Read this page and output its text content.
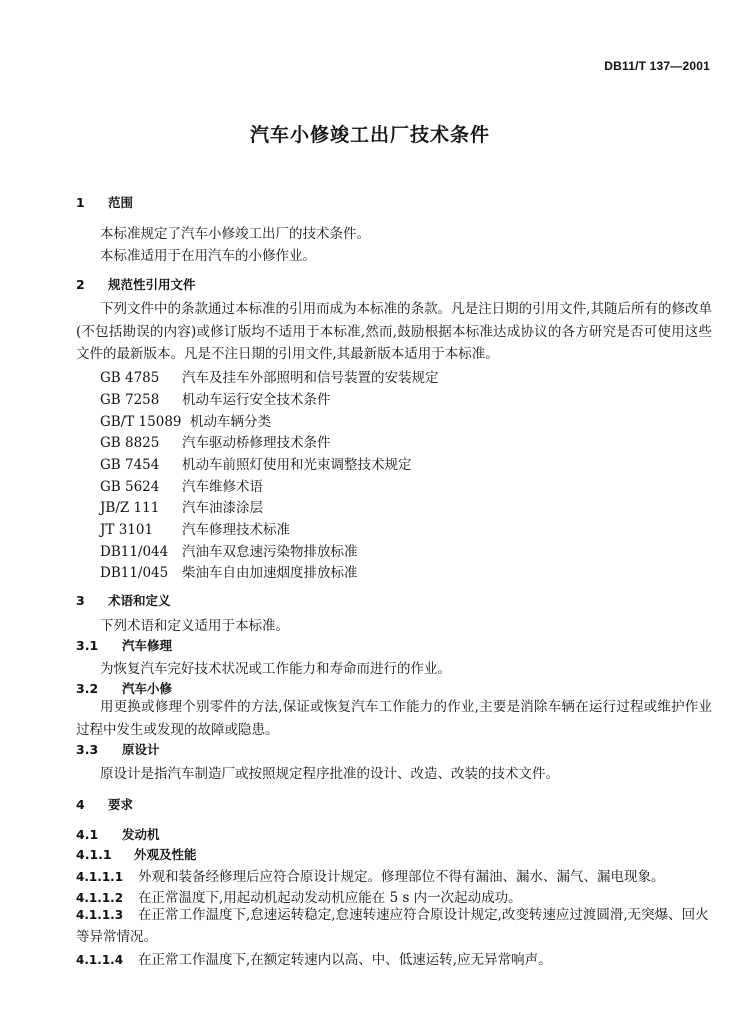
DB11/T 137—2001
汽车小修竣工出厂技术条件
1 范围
本标准规定了汽车小修竣工出厂的技术条件。
本标准适用于在用汽车的小修作业。
2 规范性引用文件
下列文件中的条款通过本标准的引用而成为本标准的条款。凡是注日期的引用文件,其随后所有的修改单(不包括勘误的内容)或修订版均不适用于本标准,然而,鼓励根据本标准达成协议的各方研究是否可使用这些文件的最新版本。凡是不注日期的引用文件,其最新版本适用于本标准。
GB 4785 汽车及挂车外部照明和信号装置的安装规定
GB 7258 机动车运行安全技术条件
GB/T 15089 机动车辆分类
GB 8825 汽车驱动桥修理技术条件
GB 7454 机动车前照灯使用和光束调整技术规定
GB 5624 汽车维修术语
JB/Z 111 汽车油漆涂层
JT 3101 汽车修理技术标准
DB11/044 汽油车双怠速污染物排放标准
DB11/045 柴油车自由加速烟度排放标准
3 术语和定义
下列术语和定义适用于本标准。
3.1 汽车修理
为恢复汽车完好技术状况或工作能力和寿命而进行的作业。
3.2 汽车小修
用更换或修理个别零件的方法,保证或恢复汽车工作能力的作业,主要是消除车辆在运行过程或维护作业过程中发生或发现的故障或隐患。
3.3 原设计
原设计是指汽车制造厂或按照规定程序批准的设计、改造、改装的技术文件。
4 要求
4.1 发动机
4.1.1 外观及性能
4.1.1.1 外观和装备经修理后应符合原设计规定。修理部位不得有漏油、漏水、漏气、漏电现象。
4.1.1.2 在正常温度下,用起动机起动发动机应能在 5 s 内一次起动成功。
4.1.1.3 在正常工作温度下,怠速运转稳定,怠速转速应符合原设计规定,改变转速应过渡圆滑,无突爆、回火等异常情况。
4.1.1.4 在正常工作温度下,在额定转速内以高、中、低速运转,应无异常响声。
